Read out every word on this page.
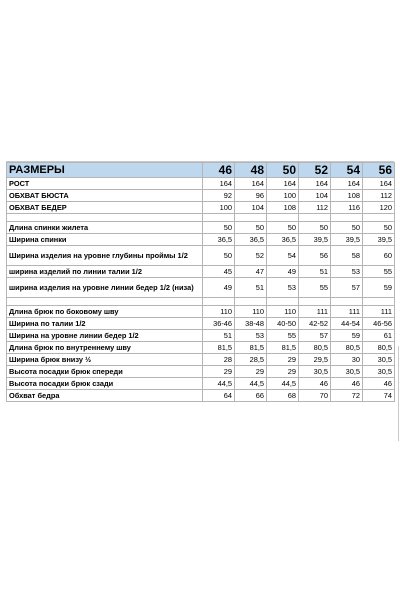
РАЗМЕРЫ	46	48	50	52	54	56
РОСТ	164	164	164	164	164	164
ОБХВАТ БЮСТА	92	96	100	104	108	112
ОБХВАТ БЕДЕР	100	104	108	112	116	120

Длина спинки жилета	50	50	50	50	50	50
Ширина спинки	36,5	36,5	36,5	39,5	39,5	39,5
Ширина изделия на уровне глубины проймы 1/2	50	52	54	56	58	60
ширина изделий по линии талии 1/2	45	47	49	51	53	55
ширина изделия на уровне линии бедер 1/2 (низа)	49	51	53	55	57	59

Длина брюк по боковому шву	110	110	110	111	111	111
Ширина по талии 1/2	36-46	38-48	40-50	42-52	44-54	46-56
Ширина на уровне линии бедер 1/2	51	53	55	57	59	61
Длина брюк по внутреннему шву	81,5	81,5	81,5	80,5	80,5	80,5
Ширина брюк внизу ½	28	28,5	29	29,5	30	30,5
Высота посадки брюк спереди	29	29	29	30,5	30,5	30,5
Высота посадки брюк сзади	44,5	44,5	44,5	46	46	46
Обхват бедра	64	66	68	70	72	74
